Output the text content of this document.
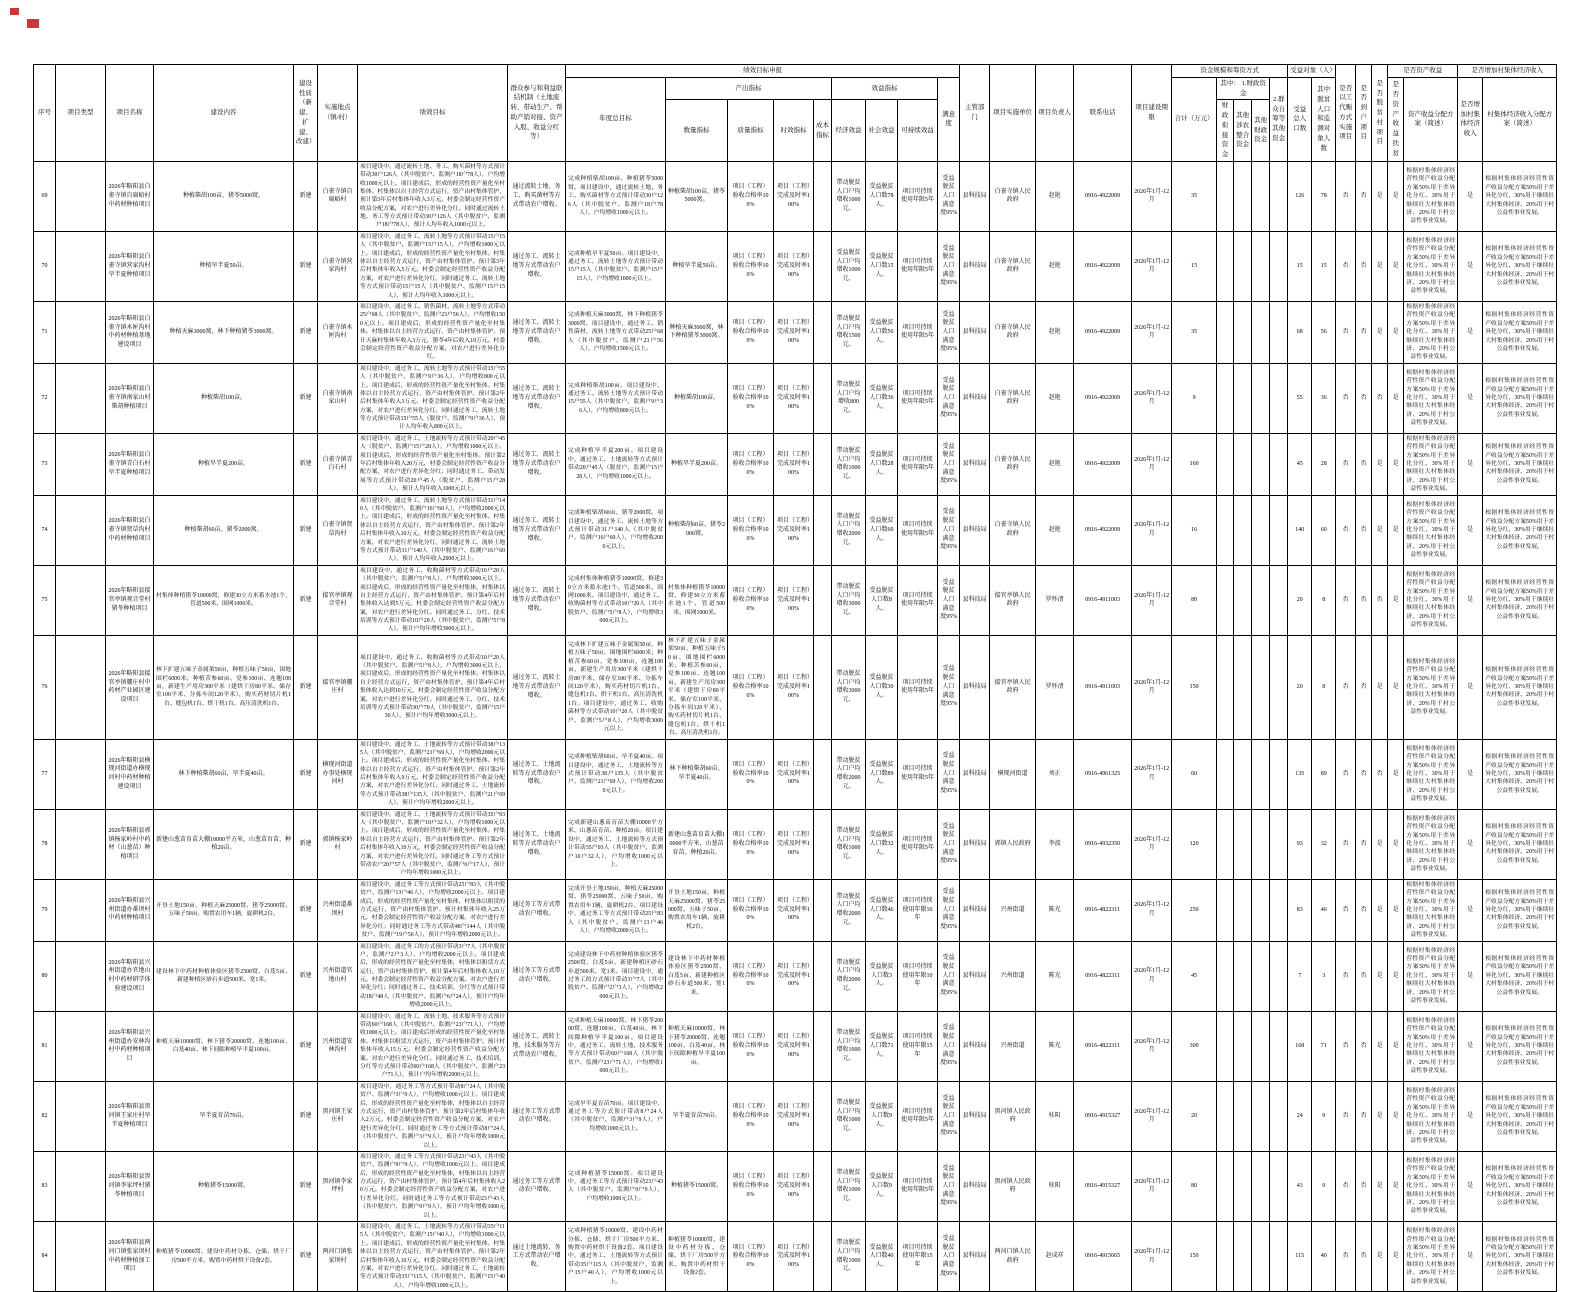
序号	项目类型	项目名称	建设内容	建设性质（新建、扩建、改建）	实施地点（镇/村）	绩效目标	群众参与和利益联结机制（土地流转、带动生产、帮助产销对接、资产入股、收益分红等）	绩效目标申报									主管部门	项目实施单位	项目负责人	联系电话	项目建设期限	资金规模和筹资方式					受益对象（人）		是否以工代赈方式实施项目	是否到户项目	是否脱贫村项目	是否资产收益		是否增加村集体经济收入	
								年度总目标	产出指标				效益指标			满意度						合计（万元）	其中： 1.财政资金			2.群众自筹等其他资金	受益总人口数	其中脱贫人口和监测对象人数				是否资产收益扶贫	资产收益分配方案（简述）	是否增加村集体经济收入	村集体经济收入分配方案（简述）
									数量指标	质量指标	时效指标	成本指标	经济效益	社会效益	可持续效益								财政衔接资金	其他涉农整合资金	其他财政资金										
69		2026年略阳县白雀寺镇自扁峪村中药材种植项目	种植柴胡100亩、猪苓5000窝。	新建	白雀寺镇自扁峪村	项目建设中，通过流转土地、务工、购买菌材等方式预计带动30户126人（其中脱贫户、监测户18户78人），户均增收1000元以上。项目建成后，形成的经营性资产量化至村集体。村集体以自主经营方式运行，资产由村集体管护，预计第3年后村集体年收入3万元。村委会制定经营性资产收益分配方案，对农户进行差异化分红。同时通过流转土地、务工等方式预计带动30户126人（其中脱贫户、监测户18户78人），预计人均年收入1000元以上。	通过流转土地、务工、购买菌材等方式带动农户增收。	完成种植柴胡100亩、种植猪苓5000窝。项目建设中，通过流转土地、务工、购买菌材等方式预计带动30户126人（其中脱贫户、监测户18户78人），户均增收1000元以上。	种植柴胡100亩、猪苓5000窝。	项目（工程）验收合格率100%	项目（工程）完成及时率100%		带动脱贫人口户均增收1000元。	受益脱贫人口数78人。	项目可持续使用年限5年	受益脱贫人口满意度95%	县科技局	白雀寺镇人民政府	赵艳	0916-4922009	2026年1月-12月	35					126	78	否	否	是	是	根据村集体经济经营性资产收益分配方案50%用于差异化分红、30%用于继续壮大村集体经济、20%用于村公益性事业发展。	是	根据村集体经济经营性资产收益分配方案50%用于差异化分红、30%用于继续壮大村集体经济、20%用于村公益性事业发展。
70		2026年略阳县白雀寺镇营家沟村旱半夏种植项目	种植旱半夏50亩。	新建	白雀寺镇营家沟村	项目建设中，通过务工、流转土地等方式预计带动15户15人（其中脱贫户、监测户15户15人），户均增收1000元以上。项目建成后，形成的经营性资产量化至村集体。村集体以自主经营方式运行，资产由村集体管护。预计第3年后村集体年收入5万元。村委会制定经营性资产收益分配方案，对农户进行差异化分红。同时通过务工、流转土地等方式预计带动15户15人（其中脱贫户、监测户15户15人），预计人均年收入1000元以上。	通过务工、流转土地等方式带动农户增收。	完成种植旱半夏50亩。项目建设中，通过务工、流转土地等方式预计带动15户15人（其中脱贫户、监测户15户15人），户均增收1000元以上。	种植旱半夏50亩。	项目（工程）验收合格率100%	项目（工程）完成及时率100%		受益脱贫人口户均增收1000元。	受益脱贫人口数15人。	项目可持续使用年限5年	受益脱贫人口满意度95%	县科技局	白雀寺镇人民政府	赵艳	0916-4922009	2026年1月-12月	15					15	15	否	否	是	是	根据村集体经济经营性资产收益分配方案50%用于差异化分红、30%用于继续壮大村集体经济、20%用于村公益性事业发展。	是	根据村集体经济经营性资产收益分配方案50%用于差异化分红、30%用于继续壮大村集体经济、20%用于村公益性事业发展。
71		2026年略阳县白雀寺镇木匣沟村中药材种植基地建设项目	种植天麻3000窝、林下种植猪苓3000窝。	新建	白雀寺镇木匣沟村	项目建设中，通过务工、销售菌材、流转土地等方式带动25户68人（其中脱贫户、监测户23户56人），户均增收1500元以上。项目建成后，形成的经营性资产量化至村集体。村集体以自主经营方式运行，资产由村集体管护。预计天麻村集体年收入3万元，猪苓4年后收入10万元。村委会制定经营性资产收益分配方案，对农户进行差异化分红。	通过务工、流转土地等方式带动农户增收。	完成种植天麻3000窝、林下种植猪苓3000窝。项目建设中，通过务工、销售菌材、流转土地等方式带动25户68人（其中脱贫户、监测户23户56人），户均增收1500元以上。	种植天麻3000窝，林下种植猪苓3000窝。	项目（工程）验收合格率100%	项目（工程）完成及时率100%		带动脱贫人口户均增收1500元。	受益脱贫人口数56人。	项目可持续使用年限5年	受益脱贫人口满意度95%	县科技局	白雀寺镇人民政府	赵艳	0916-4922009	2026年1月-12月	35					68	56	否	否	是	是	根据村集体经济经营性资产收益分配方案50%用于差异化分红、30%用于继续壮大村集体经济、20%用于村公益性事业发展。	是	根据村集体经济经营性资产收益分配方案50%用于差异化分红、30%用于继续壮大村集体经济、20%用于村公益性事业发展。
72		2026年略阳县白雀寺镇南家山村柴胡种植项目	种植柴胡100亩。	新建	白雀寺镇南家山村	项目建设中，通过务工、流转土地等方式预计带动15户55人（其中脱贫户、监测户9户36人），户均增收800元以上。项目建成后，形成的经营性资产量化至村集体。村集体以自主经营方式运行，资产由村集体管护。预计第2年后村集体年收入3万元。村委会制定经营性资产收益分配方案，对农户进行差异化分红。同时通过务工、流转土地等方式预计带动15户55人（脱贫户、监测户9户36人），预计人均年收入800元以上。	通过务工、流转土地等方式带动农户增收。	完成种植柴胡100亩。项目建设中，通过务工、流转土地等方式预计带动15户55人（其中脱贫户、监测户9户36人），户均增收800元以上。	种植柴胡100亩。	项目（工程）验收合格率100%	项目（工程）完成及时率100%		带动脱贫人口户均增收800元。	受益脱贫人口数36人。	项目可持续使用年限5年	受益脱贫人口满意度95%	县科技局	白雀寺镇人民政府	赵艳	0916-4922009	2026年1月-12月	9					55	36	否	否	否	是	根据村集体经济经营性资产收益分配方案50%用于差异化分红、30%用于继续壮大村集体经济、20%用于村公益性事业发展。	是	根据村集体经济经营性资产收益分配方案50%用于差异化分红、30%用于继续壮大村集体经济、20%用于村公益性事业发展。
73		2026年略阳县白雀寺镇青白石村旱半夏种植项目	种植旱半夏200亩。	新建	白雀寺镇青白石村	项目建设中，通过务工、土地流转等方式预计带动20户45人（脱贫户、监测户15户28人），户均增收1000元以上。项目建成后，形成的经营性资产量化至村集体。预计第2年后村集体年收入20万元，村委会制定经营性资产收益分配方案，对农户进行差异化分红；同时通过务工、带动发展等方式预计带动20户45人（脱贫户、监测户15户28人），预计人均年收入1000元以上。	通过务工、流转土地等方式带动农户增收。	完成种植旱半夏200亩。项目建设中，通过务工、土地流转等方式预计带动20户45人（脱贫户、监测户15户28人），户均增收1000元以上。	种植旱半夏200亩。	项目（工程）验收合格率100%	项目（工程）完成及时率100%		带动脱贫人口户均增收1000元。	受益脱贫人口数28人。	项目可持续使用年限5年	受益脱贫人口满意度95%	县科技局	白雀寺镇人民政府	赵艳	0916-4922009	2026年1月-12月	160					45	28	否	否	是	是	根据村集体经济经营性资产收益分配方案50%用于差异化分红、30%用于继续壮大村集体经济、20%用于村公益性事业发展。	是	根据村集体经济经营性资产收益分配方案50%用于差异化分红、30%用于继续壮大村集体经济、20%用于村公益性事业发展。
74		2026年略阳县白雀寺镇贤草沟村中药材种植项目	种植柴胡60亩、猪苓2000窝。	新建	白雀寺镇贤草沟村	项目建设中，通过务工、流转土地等方式预计带动31户140人（其中脱贫户、监测户16户60人），户均增收2000元以上。项目建成后，形成的经营性资产量化至村集体。村集体以自主经营方式运行，资产由村集体管护。预计第2年后村集体年收入10万元。村委会制定经营性资产收益分配方案，对农户进行差异化分红。同时通过务工、流转土地等方式预计带动31户140人（其中脱贫户、监测户16户60人），预计人均年收入2000元以上。	通过务工、流转土地等方式带动农户增收。	完成种植柴胡60亩、猪苓2000窝。项目建设中，通过务工、流转土地等方式预计带动31户140人（其中脱贫户、监测户16户60人），户均增收2000元以上。	种植柴胡60亩、猪苓2000窝。	项目（工程）验收合格率100%	项目（工程）完成及时率100%		带动脱贫人口户均增收2000元。	受益脱贫人口数60人。	项目可持续使用年限5年	受益脱贫人口满意度95%	县科技局	白雀寺镇人民政府	赵艳	0916-4922009	2026年1月-12月	16					140	60	否	否	是	是	根据村集体经济经营性资产收益分配方案50%用于差异化分红、30%用于继续壮大村集体经济、20%用于村公益性事业发展。	是	根据村集体经济经营性资产收益分配方案50%用于差异化分红、30%用于继续壮大村集体经济、20%用于村公益性事业发展。
75		2026年略阳县接官亭镇观音堂村猪苓种植项目	村集体种植猪苓10000窝，修建30立方米蓄水池1个，管道500米，围网1000米。	新建	接官亭镇观音堂村	项目建设中，通过务工、收购菌材等方式带动10户20人（其中脱贫户、监测户5户8人），户均增收3000元以上。项目建成后，形成的经营性资产量化至村集体。村集体以自主经营方式运行，资产由村集体管护。预计第4年后村集体收入达到5万元。村委会制定经营性资产收益分配方案，对农户进行差异化分红。同时通过务工、分红、技术培训等方式预计带动10户20人（其中脱贫户、监测户5户8人），预计户均年增收3000元以上。	通过务工、流转土地等方式带动农户增收。	完成村集体种植猪苓10000窝、修建30立方米蓄水池1个、管道500米、围网1000米。项目建设中，通过务工、收购菌材等方式带动10户20人（其中脱贫户、监测户5户8人），户均增收3000元以上。	村集体种植猪苓10000窝、修建30立方米蓄水池1个、管道500米、围网1000米。	项目（工程）验收合格率100%	项目（工程）完成及时率100%		带动脱贫人口户均增收3000元。	受益脱贫人口数8人。	项目可持续使用年限5年	受益脱贫人口满意度95%	县科技局	接官亭镇人民政府	罗怀清	0916-4911003	2026年1月-12月	80					20	8	否	否	否	是	根据村集体经济经营性资产收益分配方案50%用于差异化分红、30%用于继续壮大村集体经济、20%用于村公益性事业发展。	是	根据村集体经济经营性资产收益分配方案50%用于差异化分红、30%用于继续壮大村集体经济、20%用于村公益性事业发展。
76		2026年略阳县接官亭镇腰庄村中药材产业园区建设项目	林下扩建五味子金属架50亩，种植五味子50亩，围地围栏6000米；种植苦参60亩、党参100亩、连翘100亩，新建生产用房300平米（建烘干房80平米、储存室100平米、分拣车间120平米），购买药材切片机1台、缝包机1台、烘干机1台、高压清洗机1台。	新建	接官亭镇腰庄村	项目建设中，通过务工、收购菌材等方式带动10户20人（其中脱贫户、监测户5户8人），户均增收3000元以上。项目建成后，形成的经营性资产量化至村集体。村集体以自主经营方式运行，资产由村集体管护。预计第4年后村集体收入达到10万元，村委会制定经营性资产收益分配方案，对农户进行差异化分红。同时通过务工、分红、技术培训等方式预计带动30户70人（其中脱贫户、监测户15户30人），预计户均年增收3000元以上。	通过务工、流转土地等方式带动农户增收。	完成林下扩建五味子金属架50亩、种植五味子50亩、围地围栏6000米；种植苦参60亩、党参100亩、连翘100亩、新建生产用房300平米（建烘干房80平米、储存室100平米、分拣车间120平米），购买药材切片机1台、缝包机1台、烘干机1台、高压清洗机1台。项目建设中，通过务工、收购菌材等方式带动10户20人（其中脱贫户、监测户5户8人），户均增收3000元以上。	林下扩建五味子金属架50亩、种植五味子50亩、围地围栏6000米；种植苦参60亩、党参100亩、连翘100亩、新建生产用房300平米（建烘干房80平米、储存室100平米、分拣车间120平米）、购买药材切片机1台、缝包机1台、烘干机1台、高压清洗机1台。	项目（工程）验收合格率100%	项目（工程）完成及时率100%		带动脱贫人口户均增收3000元。	受益脱贫人口数30人。	项目可持续使用年限5年	受益脱贫人口满意度95%	县科技局	接官亭镇人民政府	罗怀清	0916-4911003	2026年1月-12月	150					20	8	否	否	是	是	根据村集体经济经营性资产收益分配方案50%用于差异化分红、30%用于继续壮大村集体经济、20%用于村公益性事业发展。	是	根据村集体经济经营性资产收益分配方案50%用于差异化分红、30%用于继续壮大村集体经济、20%用于村公益性事业发展。
77		2026年略阳县横现河街道办横现河村中药材种植建设项目	林下种植柴胡60亩，旱半夏40亩。	新建	横现河街道办事处横现河村	项目建设中，通过务工、土地流转等方式预计带动38户135人（其中脱贫户、监测户21户69人），户均增收2000元以上。项目建成后，形成的经营性资产量化至村集体。村集体以自主经营方式运行，资产由村集体管护。预计第2年后村集体年收入9万元。村委会制定经营性资产收益分配方案，对农户进行差异化分红；同时通过务工、土地流转等方式预计带动38户135人（其中脱贫户、监测户21户69人），预计户均年增收2000元以上。	通过务工、土地流转等方式带动农户增收。	完成种植柴胡60亩、旱半夏40亩。项目建设中，通过务工、土地流转等方式预计带动38户135人（其中脱贫户、监测户21户69人），户均增收2000元以上。	林下种植柴胡60亩、旱半夏40亩。	项目（工程）验收合格率100%	项目（工程）完成及时率100%		带动脱贫人口户均增收2000元。	受益脱贫人口数89人。	项目可持续使用年限5年	受益脱贫人口满意度95%	县科技局	横现河街道	刘正	0916-4961325	2026年1月-12月	60					135	89	否	否	否	是	根据村集体经济经营性资产收益分配方案50%用于差异化分红、30%用于继续壮大村集体经济、20%用于村公益性事业发展。	是	根据村集体经济经营性资产收益分配方案50%用于差异化分红、30%用于继续壮大村集体经济、20%用于村公益性事业发展。
78		2026年略阳县郭镇杨家岭村中药材（山葱苗）种植项目	新建山葱苗育苗大棚10000平方米，山葱苗育苗、种植20亩。	新建	郭镇杨家岭村	项目建设中，通过务工、土地流转等方式预计带动35户93人（其中脱贫户、监测户10户32人），户均增收1000元以上。项目建成后，形成的经营性资产量化至村集体。村集体以自主经营方式运行，资产由村集体管护。预计第2年后村集体年收入10万元。村委会制定经营性资产收益分配方案，对农户进行差异化分红。同时通过务工等方式预计带动农户20户57人（其中脱贫户、监测户6户17人），预计户均年增收1000元以上。	通过务工、土地流转等方式带动农户增收。	完成新建山葱苗育苗大棚10000平方米，山葱苗育苗、种植20亩。项目建设中，通过务工、土地流转等方式预计带动35户93人（其中脱贫户、监测户10户32人），户均增收1000元以上。	新建山葱苗育苗大棚10000平方米，山葱苗育苗、种植20亩。	项目（工程）验收合格率100%	项目（工程）完成及时率100%		带动脱贫人口户均增收1000元。	受益脱贫人口数32人。	项目可持续使用年限5年	受益脱贫人口满意度95%	县科技局	郭镇人民政府	李波	0916-4932350	2026年1月-12月	120					93	32	否	否	是	是	根据村集体经济经营性资产收益分配方案50%用于差异化分红、30%用于继续壮大村集体经济、20%用于村公益性事业发展。	是	根据村集体经济经营性资产收益分配方案50%用于差异化分红、30%用于继续壮大村集体经济、20%用于村公益性事业发展。
79		2026年略阳县兴州街道办番坝村中药材种植项目	开垦土地150亩，种植天麻25000窝、猪苓25000窝、五味子50亩，购置农用车1辆，旋耕机2台。	新建	兴州街道番坝村	项目建设中，通过务工等方式预计带动25户83人（其中脱贫户、监测户13户46人），户均增收2000元以上。项目建成后，形成的经营性资产量化至村集体，村集体以租赁的方式运行，资产由村集体管护。预计村集体年收入25万元。村委会制定经营性资产收益分配方案。对农户进行差异化分红；同时通过务工等方式带动48户144人（其中脱贫户、监测户19户56人），预计户均年增收2000元以上。	通过务工等方式带动农户增收。	完成开垦土地150亩，种植天麻25000窝、猪苓25000窝、五味子50亩，购置农用车1辆、旋耕机2台。项目建设中，通过务工等方式预计带动25户83人（其中脱贫户、监测户13户46人），户均增收2000元以上。	开垦土地150亩，种植天麻25000窝、猪苓25000窝、五味子50亩，购置农用车1辆、旋耕机2台。	项目（工程）验收合格率100%	项目（工程）完成及时率100%		带动脱贫人口户均增收2000元。	受益脱贫人口数46人。	项目可持续使用年限10年	受益脱贫人口满意度95%	县科技局	兴州街道	陈光	0916-4822311	2026年1月-12月	250					83	46	否	否	是	是	根据村集体经济经营性资产收益分配方案50%用于差异化分红、30%用于继续壮大村集体经济、20%用于村公益性事业发展。	是	根据村集体经济经营性资产收益分配方案50%用于差异化分红、30%用于继续壮大村集体经济、20%用于村公益性事业发展。
80		2026年略阳县兴州街道办官地山村中药材研学体验建设项目	建设林下中药材种植体验区猪苓2500窝、白芨5亩、新建种植区砂石步道500米、宽1米。	新建	兴州街道官地山村	项目建设中，通过务工的方式预计带动3户7人（其中脱贫户、监测户2户3人），户均增收2000元以上。项目建成后，形成的经营性资产量化至村集体，村集体以租赁方式运行，资产由村集体管护。预计第4年后村集体收入10万元。村委会制定经营性资产收益分配方案。对农户进行差异化分红；同时通过务工、技术培训、分红等方式预计带动18户48人（其中脱贫户、监测户6户24人），预计户均年增收2000元以上。	通过务工等方式带动农户增收。	完成建设林下中药材种植体验区猪苓2500窝、白芨5亩、新建种植区砂石步道500米、宽1米。项目建设中，通过务工的方式预计带动3户7人（其中脱贫户、监测户2户3人），户均增收2000元以上。	建设林下中药材种植体验区猪苓2500窝、白芨5亩、新建种植区砂石步道500米、宽1米。	项目（工程）验收合格率100%	项目（工程）完成及时率100%		带动脱贫人口户均增收2000元。	受益脱贫人口数3人。	项目可持续使用年限10年	受益脱贫人口满意度95%	县科技局	兴州街道	陈光	0916-4822311	2026年1月-12月	45					7	3	否	否	是	是	根据村集体经济经营性资产收益分配方案50%用于差异化分红、30%用于继续壮大村集体经济、20%用于村公益性事业发展。	是	根据村集体经济经营性资产收益分配方案50%用于差异化分红、30%用于继续壮大村集体经济、20%用于村公益性事业发展。
81		2026年略阳县兴州街道办安林沟村中药材种植项目	种植天麻10000窝、林下猪苓20000窝、连翘100亩、白芨40亩、林下间隙种植旱半夏100亩。	新建	兴州街道安林沟村	项目建设中，通过务工、流转土地、技术服务等方式预计带动60户168人（其中脱贫户、监测户23户71人），户均增收1000元以上。项目建成后形成的经营性资产量化至村集体。村集体以租赁方式运行，资产由村集体管护。预计村集体年收入15万元。村委会制定经营性资产收益分配方案。对农户进行差异化分红。同时通过务工、技术培训、分红等方式预计带动60户168人（其中脱贫户、监测户23户71人），预计户均年增收2000元以上。	通过务工、流转土地、技术服务等方式带动农户增收。	完成种植天麻10000窝、林下猪苓20000窝、连翘100亩、白芨40亩、林下间隙种植旱半夏100亩。项目建设中，通过务工、流转土地、技术服务等方式预计带动60户168人（其中脱贫户、监测户23户71人），户均增收1000元以上。	种植天麻10000窝、林下猪苓20000窝、连翘100亩、白芨40亩、林下间隙种植旱半夏100亩。	项目（工程）验收合格率100%	项目（工程）完成及时率100%		带动脱贫人口户均增收1000元。	受益脱贫人口数71人。	项目可持续使用年限15年	受益脱贫人口满意度95%	县科技局	兴州街道	陈光	0916-4822311	2026年1月-12月	300					168	71	否	否	是	是	根据村集体经济经营性资产收益分配方案50%用于差异化分红、30%用于继续壮大村集体经济、20%用于村公益性事业发展。	是	根据村集体经济经营性资产收益分配方案50%用于差异化分红、30%用于继续壮大村集体经济、20%用于村公益性事业发展。
82		2026年略阳县黑河镇王家庄村旱半夏种植项目	旱半夏育苗70亩。	新建	黑河镇王家庄村	项目建设中，通过务工等方式预计带动8户24人（其中脱贫户、监测户3户9人），户均增收1000元以上。项目建成后，形成的经营性资产量化至村集体，村集体以自主经营方式运行，资产由村集体管护。预计第2年后村集体年收入2万元。村委会制定经营性资产收益分配方案，对农户进行差异化分红。同时通过务工等方式预计带动8户24人（其中脱贫户、监测户3户9人），预计户均年增收1000元以上。	通过务工等方式带动农户增收。	完成旱半夏育苗70亩。项目建设中，通过务工等方式预计带动8户24人（其中脱贫户、监测户3户9人），户均增收1000元以上。	旱半夏育苗70亩。	项目（工程）验收合格率100%	项目（工程）完成及时率100%		带动脱贫人口户均增收1000元。	受益脱贫人口数9人。	项目可持续使用年限5年	受益脱贫人口满意度95%	县科技局	黑河镇人民政府	桂阳	0916-4915327	2026年1月-12月	20					24	9	否	否	是	是	根据村集体经济经营性资产收益分配方案50%用于差异化分红、30%用于继续壮大村集体经济、20%用于村公益性事业发展。	是	根据村集体经济经营性资产收益分配方案50%用于差异化分红、30%用于继续壮大村集体经济、20%用于村公益性事业发展。
83		2026年略阳县黑河镇李家坪村猪苓种植项目	种植猪苓15000窝。	新建	黑河镇李家坪村	项目建设中，通过务工等方式预计带动23户43人（其中脱贫户、监测户9户9人），户均增收1000元以上。项目建成后，形成的经营性资产量化至村集体，村集体以自主经营方式运行，资产由村集体管护。预计第4年后村集体收入20万元。村委会制定经营性资产收益分配方案，对农户进行差异化分红。同时通过务工等方式预计带动23户43人（其中脱贫户、监测户9户9人），预计户均年增收1000元以上。	通过务工等方式带动农户增收。	完成种植猪苓15000窝。项目建设中，通过务工等方式预计带动23户43人（其中脱贫户、监测户9户9人），户均增收1000元以上。	种植猪苓15000窝。	项目（工程）验收合格率100%	项目（工程）完成及时率100%		带动脱贫人口户均增收1000元。	受益脱贫人口数9人。	项目可持续使用年限5年	受益脱贫人口满意度95%	县科技局	黑河镇人民政府	桂阳	0916-4915327	2026年1月-12月	80					43	9	否	否	是	是	根据村集体经济经营性资产收益分配方案50%用于差异化分红、30%用于继续壮大村集体经济、20%用于村公益性事业发展。	是	根据村集体经济经营性资产收益分配方案50%用于差异化分红、30%用于继续壮大村集体经济、20%用于村公益性事业发展。
84		2026年略阳县两河口镇张家坝村中药材种植加工项目	种植猪苓10000窝、建设中药材分拣、仓储、烘干厂房500平方米，购置中药材烘干设备2套。	新建	两河口镇张家坝村	项目建设中，通过务工、土地流转等方式预计带动35户115人（其中脱贫户、监测户15户40人），户均增收1000元以上。项目建成后，形成的经营性资产量化至村集体。村集体以自主经营方式运行，资产由村集体管护。预计第2年后村集体年收入10万元。村委会制定经营性资产收益分配方案，对农户进行差异化分红。同时通过务工、土地流转等方式预计带动35户115人（其中脱贫户、监测户15户40人），户均年增收1000元以上。	通过土地流转、务工方式带动农户增收。	完成种植猪苓10000窝、建设中药材分拣、仓储、烘干厂房500平方米、购置中药材烘干设备2套。项目建设中，通过务工、土地流转等方式预计带动35户115人（其中脱贫户、监测户15户40人），户均增收1000元以上。	种植猪苓10000窝、建设中药材分拣、仓储、烘干厂房500平方米、购置中药材烘干设备2套。	项目（工程）验收合格率100%	项目（工程）完成及时率100%		带动脱贫人口户均增收1000元。	受益脱贫人口数40人。	项目可持续使用年限15年	受益脱贫人口满意度95%	县科技局	两河口镇人民政府	赵成祥	0916-4915665	2026年1月-12月	150					115	40	否	否	是	是	根据村集体经济经营性资产收益分配方案50%用于差异化分红、30%用于继续壮大村集体经济、20%用于村公益性事业发展。	是	根据村集体经济经营性资产收益分配方案50%用于差异化分红、30%用于继续壮大村集体经济、20%用于村公益性事业发展。
